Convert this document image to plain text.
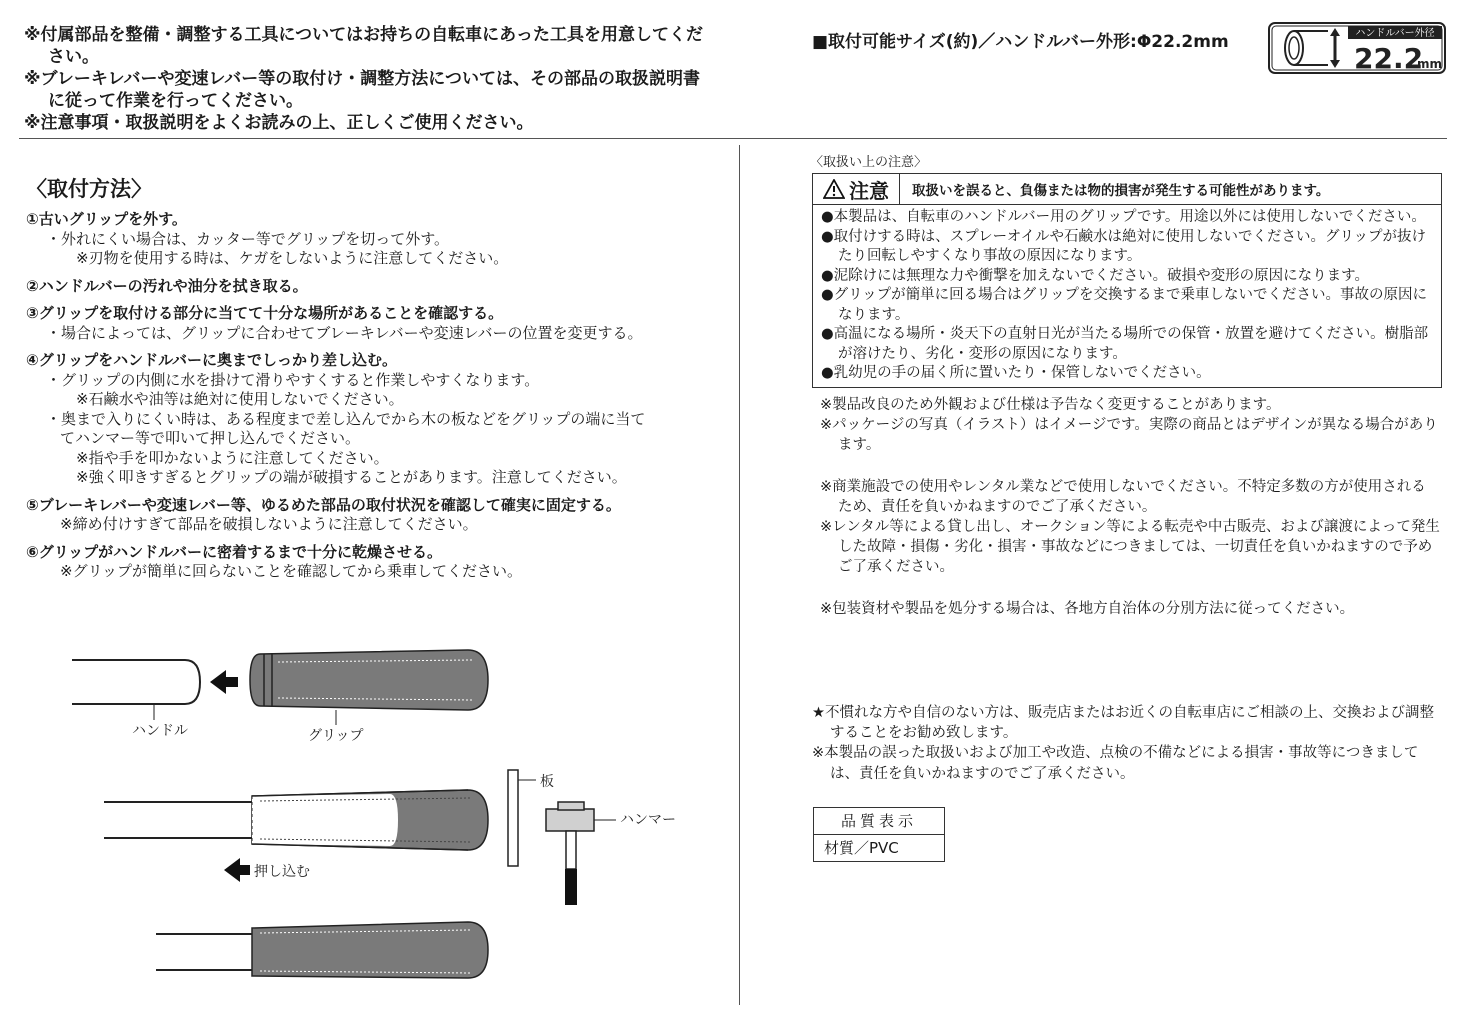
※付属部品を整備・調整する工具についてはお持ちの自転車にあった工具を用意してください。

※ブレーキレバーや変速レバー等の取付け・調整方法については、その部品の取扱説明書に従って作業を行ってください。

※注意事項・取扱説明をよくお読みの上、正しくご使用ください。

■取付可能サイズ(約)／ハンドルバー外形:Φ22.2mm	ハンドルバー外径
22.2
mm
〈取付方法〉
①古いグリップを外す。
・外れにくい場合は、カッター等でグリップを切って外す。
※刃物を使用する時は、ケガをしないように注意してください。
②ハンドルバーの汚れや油分を拭き取る。
③グリップを取付ける部分に当てて十分な場所があることを確認する。
・場合によっては、グリップに合わせてブレーキレバーや変速レバーの位置を変更する。
④グリップをハンドルバーに奥までしっかり差し込む。
・グリップの内側に水を掛けて滑りやすくすると作業しやすくなります。
※石鹸水や油等は絶対に使用しないでください。
・奥まで入りにくい時は、ある程度まで差し込んでから木の板などをグリップの端に当て
てハンマー等で叩いて押し込んでください。
※指や手を叩かないように注意してください。
※強く叩きすぎるとグリップの端が破損することがあります。注意してください。
⑤ブレーキレバーや変速レバー等、ゆるめた部品の取付状況を確認して確実に固定する。
※締め付けすぎて部品を破損しないように注意してください。
⑥グリップがハンドルバーに密着するまで十分に乾燥させる。
※グリップが簡単に回らないことを確認してから乗車してください。
ハンドル	グリップ
板
ハンマー
押し込む
〈取扱い上の注意〉
注意	取扱いを誤ると、負傷または物的損害が発生する可能性があります。

●本製品は、自転車のハンドルバー用のグリップです。用途以外には使用しないでください。

●取付けする時は、スプレーオイルや石鹸水は絶対に使用しないでください。グリップが抜けたり回転しやすくなり事故の原因になります。

●泥除けには無理な力や衝撃を加えないでください。破損や変形の原因になります。

●グリップが簡単に回る場合はグリップを交換するまで乗車しないでください。事故の原因になります。

●高温になる場所・炎天下の直射日光が当たる場所での保管・放置を避けてください。樹脂部が溶けたり、劣化・変形の原因になります。

●乳幼児の手の届く所に置いたり・保管しないでください。

※製品改良のため外観および仕様は予告なく変更することがあります。

※パッケージの写真（イラスト）はイメージです。実際の商品とはデザインが異なる場合があります。

※商業施設での使用やレンタル業などで使用しないでください。不特定多数の方が使用されるため、責任を負いかねますのでご了承ください。

※レンタル等による貸し出し、オークション等による転売や中古販売、および譲渡によって発生した故障・損傷・劣化・損害・事故などにつきましては、一切責任を負いかねますので予めご了承ください。

※包装資材や製品を処分する場合は、各地方自治体の分別方法に従ってください。

★不慣れな方や自信のない方は、販売店またはお近くの自転車店にご相談の上、交換および調整することをお勧め致します。

※本製品の誤った取扱いおよび加工や改造、点検の不備などによる損害・事故等につきましては、責任を負いかねますのでご了承ください。

品質表示
材質／PVC
